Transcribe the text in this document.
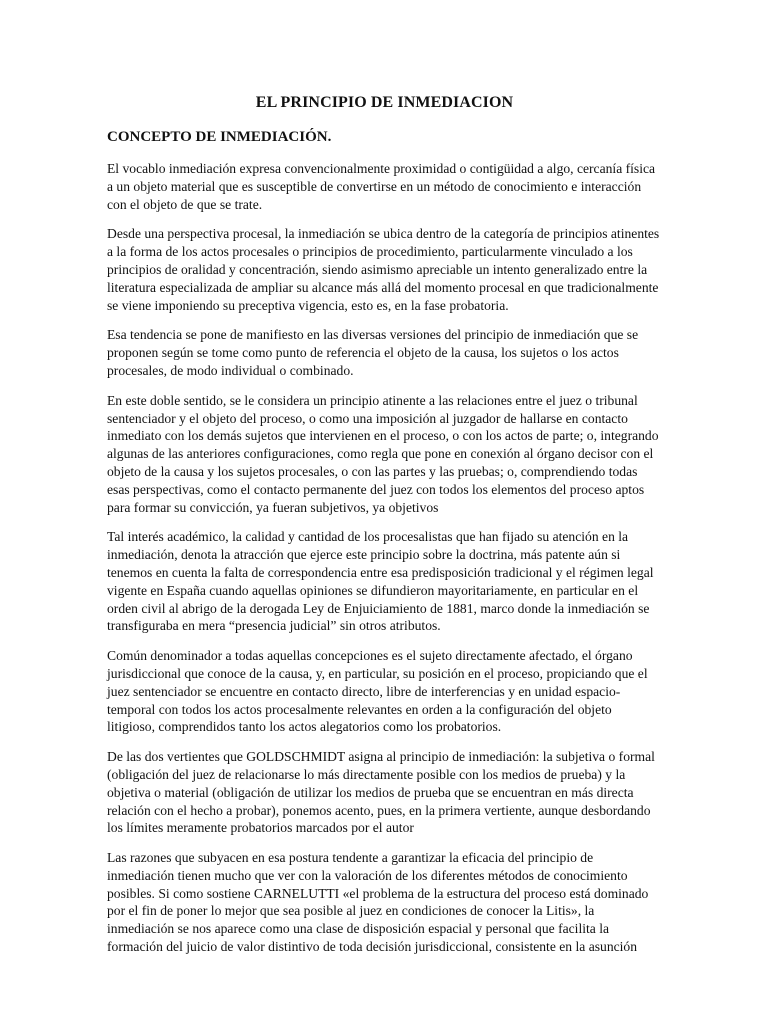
EL PRINCIPIO DE INMEDIACION
CONCEPTO DE INMEDIACIÓN.

El vocablo inmediación expresa convencionalmente proximidad o contigüidad a algo, cercanía física a un objeto material que es susceptible de convertirse en un método de conocimiento e interacción con el objeto de que se trate.

Desde una perspectiva procesal, la inmediación se ubica dentro de la categoría de principios atinentes a la forma de los actos procesales o principios de procedimiento, particularmente vinculado a los principios de oralidad y concentración, siendo asimismo apreciable un intento generalizado entre la literatura especializada de ampliar su alcance más allá del momento procesal en que tradicionalmente se viene imponiendo su preceptiva vigencia, esto es, en la fase probatoria.

Esa tendencia se pone de manifiesto en las diversas versiones del principio de inmediación que se proponen según se tome como punto de referencia el objeto de la causa, los sujetos o los actos procesales, de modo individual o combinado.

En este doble sentido, se le considera un principio atinente a las relaciones entre el juez o tribunal sentenciador y el objeto del proceso, o como una imposición al juzgador de hallarse en contacto inmediato con los demás sujetos que intervienen en el proceso, o con los actos de parte; o, integrando algunas de las anteriores configuraciones, como regla que pone en conexión al órgano decisor con el objeto de la causa y los sujetos procesales, o con las partes y las pruebas; o, comprendiendo todas esas perspectivas, como el contacto permanente del juez con todos los elementos del proceso aptos para formar su convicción, ya fueran subjetivos, ya objetivos

Tal interés académico, la calidad y cantidad de los procesalistas que han fijado su atención en la inmediación, denota la atracción que ejerce este principio sobre la doctrina, más patente aún si tenemos en cuenta la falta de correspondencia entre esa predisposición tradicional y el régimen legal vigente en España cuando aquellas opiniones se difundieron mayoritariamente, en particular en el orden civil al abrigo de la derogada Ley de Enjuiciamiento de 1881, marco donde la inmediación se transfiguraba en mera “presencia judicial” sin otros atributos.

Común denominador a todas aquellas concepciones es el sujeto directamente afectado, el órgano jurisdiccional que conoce de la causa, y, en particular, su posición en el proceso, propiciando que el juez sentenciador se encuentre en contacto directo, libre de interferencias y en unidad espacio-temporal con todos los actos procesalmente relevantes en orden a la configuración del objeto litigioso, comprendidos tanto los actos alegatorios como los probatorios.

De las dos vertientes que GOLDSCHMIDT asigna al principio de inmediación: la subjetiva o formal (obligación del juez de relacionarse lo más directamente posible con los medios de prueba) y la objetiva o material (obligación de utilizar los medios de prueba que se encuentran en más directa relación con el hecho a probar), ponemos acento, pues, en la primera vertiente, aunque desbordando los límites meramente probatorios marcados por el autor

Las razones que subyacen en esa postura tendente a garantizar la eficacia del principio de inmediación tienen mucho que ver con la valoración de los diferentes métodos de conocimiento posibles. Si como sostiene CARNELUTTI «el problema de la estructura del proceso está dominado por el fin de poner lo mejor que sea posible al juez en condiciones de conocer la Litis», la inmediación se nos aparece como una clase de disposición espacial y personal que facilita la formación del juicio de valor distintivo de toda decisión jurisdiccional, consistente en la asunción
